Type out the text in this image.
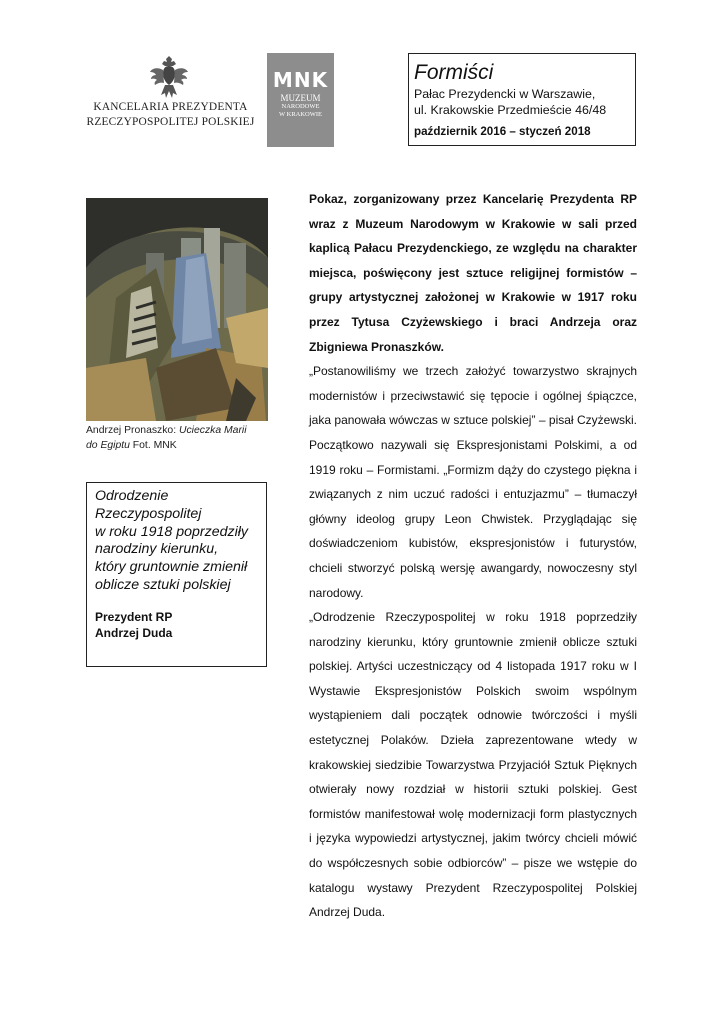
KANCELARIA PREZYDENTA
RZECZYPOSPOLITEJ POLSKIEJ
MNK
MUZEUM
NARODOWE
W KRAKOWIE
Formiści
Pałac Prezydencki w Warszawie,
ul. Krakowskie Przedmieście 46/48
październik 2016 – styczeń 2018
Andrzej Pronaszko: Ucieczka Marii
do Egiptu Fot. MNK
Odrodzenie
Rzeczypospolitej
w roku 1918 poprzedziły
narodziny kierunku,
który gruntownie zmienił
oblicze sztuki polskiej
Prezydent RP
Andrzej Duda

Pokaz, zorganizowany przez Kancelarię Prezydenta RP wraz z Muzeum Narodowym w Krakowie w sali przed kaplicą Pałacu Prezydenckiego, ze względu na charakter miejsca, poświęcony jest sztuce religijnej formistów – grupy artystycznej założonej w Krakowie w 1917 roku przez Tytusa Czyżewskiego i braci Andrzeja oraz Zbigniewa Pronaszków.

„Postanowiliśmy we trzech założyć towarzystwo skrajnych modernistów i przeciwstawić się tępocie i ogólnej śpiączce, jaka panowała wówczas w sztuce polskiej” – pisał Czyżewski. Początkowo nazywali się Ekspresjonistami Polskimi, a od 1919 roku – Formistami. „Formizm dąży do czystego piękna i związanych z nim uczuć radości i entuzjazmu” – tłumaczył główny ideolog grupy Leon Chwistek. Przyglądając się doświadczeniom kubistów, ekspresjonistów i futurystów, chcieli stworzyć polską wersję awangardy, nowoczesny styl narodowy.

„Odrodzenie Rzeczypospolitej w roku 1918 poprzedziły narodziny kierunku, który gruntownie zmienił oblicze sztuki polskiej. Artyści uczestniczący od 4 listopada 1917 roku w I Wystawie Ekspresjonistów Polskich swoim wspólnym wystąpieniem dali początek odnowie twórczości i myśli estetycznej Polaków. Dzieła zaprezentowane wtedy w krakowskiej siedzibie Towarzystwa Przyjaciół Sztuk Pięknych otwierały nowy rozdział w historii sztuki polskiej. Gest formistów manifestował wolę modernizacji form plastycznych i języka wypowiedzi artystycznej, jakim twórcy chcieli mówić do współczesnych sobie odbiorców” – pisze we wstępie do katalogu wystawy Prezydent Rzeczypospolitej Polskiej Andrzej Duda.
